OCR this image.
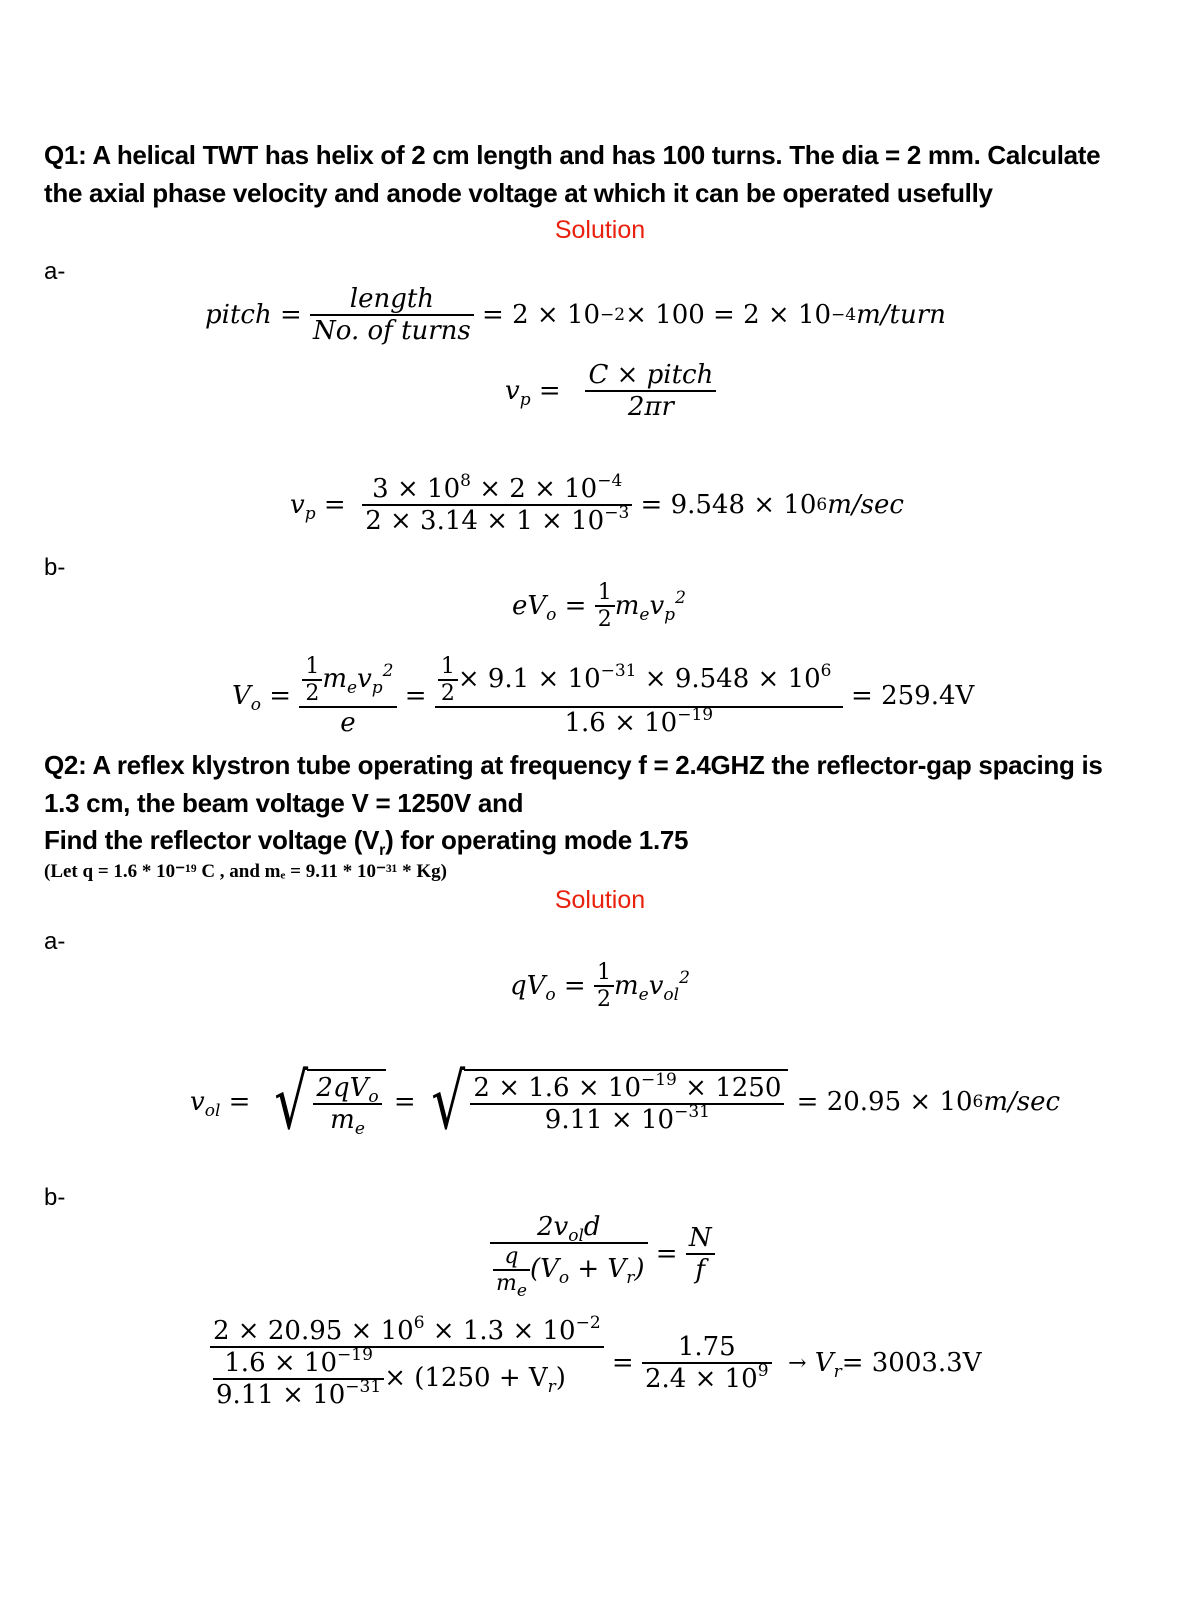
Q1: A helical TWT has helix of 2 cm length and has 100 turns. The dia = 2 mm. Calculate
the axial phase velocity and anode voltage at which it can be operated usefully
Solution
a-
pitch = $\frac{\text{length}}{\text{No. of turns}}$
= 2 × 10 −2 × 100 = 2 × 10 −4 m/turn
$v_p = \frac{\text{C × pitch}}{2\pi r}$
$v_p = \frac{3 \times 10^8 \times 2 \times 10^{-4}}{2 \times 3.14 \times 1 \times 10^{-3}}$
= 9.548 × 10 6 m/sec
b-
$eV_o = \frac{1}{2} m_ev_p^2$
$V_o = \frac{\frac{1}{2} m_ev_p^2}{e} = \frac{\frac{1}{2} \times 9.1 \times 10^{-31} \times 9.548 \times 10^6}{1.6 \times 10^{-19}}$
= 259.4V
Q2: A reflex klystron tube operating at frequency f = 2.4GHZ the reflector-gap spacing is
1.3 cm, the beam voltage V = 1250V and
Find the reflector voltage $(V_r)$ for operating mode 1.75
(Let q = 1.6 * 10⁻¹⁹ C , and mₑ = 9.11 * 10⁻³¹ * Kg)
Solution
a-
$qV_o = \frac{1}{2} m_ev_{ol}^2$
$v_{ol}$ = √ $\frac{2qV_o}{m_e}$ = √ $\frac{2 \times 1.6 \times 10^{-19} \times 1250}{9.11 \times 10^{-31}}$
= 20.95 × 10 6 m/sec
b-
$\frac{2v_{ol}d}{\frac{q}{m_e} (V_o + V_r)} = \frac{N}{f}$
$\frac{2 \times 20.95 \times 10^6 \times 1.3 \times 10^{-2}}{\frac{1.6 \times 10^{-19}}{9.11 \times 10^{-31}} \times (1250 + V_r)} = \frac{1.75}{2.4 \times 10^9}$
→
$V_r = 3003.3V$
